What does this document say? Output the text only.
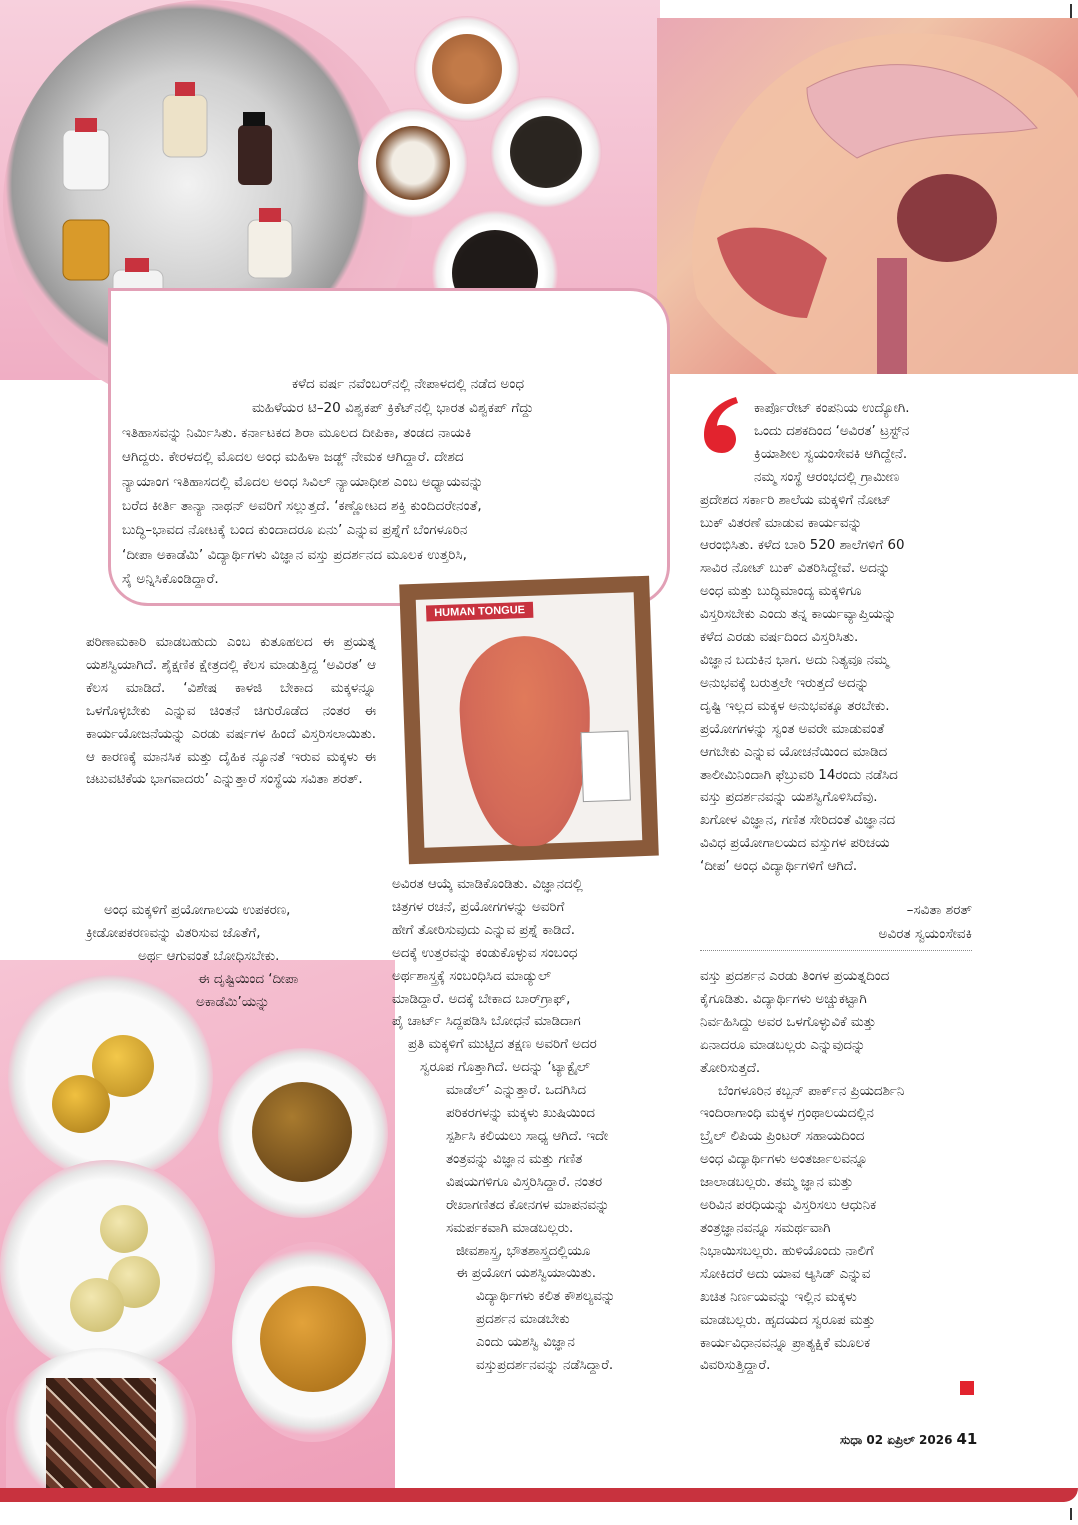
ಕಳೆದ ವರ್ಷ ನವೆಂಬರ್‌ನಲ್ಲಿ ನೇಪಾಳದಲ್ಲಿ ನಡೆದ ಅಂಧ
ಮಹಿಳೆಯರ ಟಿ–20 ವಿಶ್ವಕಪ್ ಕ್ರಿಕೆಟ್‌ನಲ್ಲಿ ಭಾರತ ವಿಶ್ವಕಪ್ ಗೆದ್ದು
ಇತಿಹಾಸವನ್ನು ನಿರ್ಮಿಸಿತು. ಕರ್ನಾಟಕದ ಶಿರಾ ಮೂಲದ ದೀಪಿಕಾ, ತಂಡದ ನಾಯಕಿ
ಆಗಿದ್ದರು. ಕೇರಳದಲ್ಲಿ ಮೊದಲ ಅಂಧ ಮಹಿಳಾ ಜಡ್ಜ್ ನೇಮಕ ಆಗಿದ್ದಾರೆ. ದೇಶದ
ನ್ಯಾಯಾಂಗ ಇತಿಹಾಸದಲ್ಲಿ ಮೊದಲ ಅಂಧ ಸಿವಿಲ್ ನ್ಯಾಯಾಧೀಶ ಎಂಬ ಅಧ್ಯಾಯವನ್ನು
ಬರೆದ ಕೀರ್ತಿ ತಾನ್ಯಾ ನಾಥನ್ ಅವರಿಗೆ ಸಲ್ಲುತ್ತದೆ. ‘ಕಣ್ಣೋಟದ ಶಕ್ತಿ ಕುಂದಿದರೇನಂತೆ,
ಬುದ್ಧಿ–ಭಾವದ ನೋಟಕ್ಕೆ ಬಂದ ಕುಂದಾದರೂ ಏನು’ ಎನ್ನುವ ಪ್ರಶ್ನೆಗೆ ಬೆಂಗಳೂರಿನ
‘ದೀಪಾ ಅಕಾಡೆಮಿ’ ವಿದ್ಯಾರ್ಥಿಗಳು ವಿಜ್ಞಾನ ವಸ್ತು ಪ್ರದರ್ಶನದ ಮೂಲಕ ಉತ್ತರಿಸಿ,
ಸೈ ಅನ್ನಿಸಿಕೊಂಡಿದ್ದಾರೆ.
HUMAN TONGUE

ಪರಿಣಾಮಕಾರಿ ಮಾಡಬಹುದು ಎಂಬ ಕುತೂಹಲದ ಈ ಪ್ರಯತ್ನ ಯಶಸ್ವಿಯಾಗಿದೆ. ಶೈಕ್ಷಣಿಕ ಕ್ಷೇತ್ರದಲ್ಲಿ ಕೆಲಸ ಮಾಡುತ್ತಿದ್ದ ‘ಅವಿರತ’ ಆ ಕೆಲಸ ಮಾಡಿದೆ. ‘ವಿಶೇಷ ಕಾಳಜಿ ಬೇಕಾದ ಮಕ್ಕಳನ್ನೂ ಒಳಗೊಳ್ಳಬೇಕು ಎನ್ನುವ ಚಿಂತನೆ ಚಿಗುರೊಡೆದ ನಂತರ ಈ ಕಾರ್ಯಯೋಜನೆಯನ್ನು ಎರಡು ವರ್ಷಗಳ ಹಿಂದೆ ವಿಸ್ತರಿಸಲಾಯಿತು. ಆ ಕಾರಣಕ್ಕೆ ಮಾನಸಿಕ ಮತ್ತು ದೈಹಿಕ ನ್ಯೂನತೆ ಇರುವ ಮಕ್ಕಳು ಈ ಚಟುವಟಿಕೆಯ ಭಾಗವಾದರು’ ಎನ್ನುತ್ತಾರೆ ಸಂಸ್ಥೆಯ ಸವಿತಾ ಶರತ್.

ಅಂಧ ಮಕ್ಕಳಿಗೆ ಪ್ರಯೋಗಾಲಯ ಉಪಕರಣ,
ಕ್ರೀಡೋಪಕರಣವನ್ನು ವಿತರಿಸುವ ಜೊತೆಗೆ,
ಅರ್ಥ ಆಗುವಂತೆ ಬೋಧಿಸಬೇಕು.
ಈ ದೃಷ್ಟಿಯಿಂದ ‘ದೀಪಾ
ಅಕಾಡೆಮಿ’ಯನ್ನು
ಅವಿರತ ಆಯ್ಕೆ ಮಾಡಿಕೊಂಡಿತು. ವಿಜ್ಞಾನದಲ್ಲಿ
ಚಿತ್ರಗಳ ರಚನೆ, ಪ್ರಯೋಗಗಳನ್ನು ಅವರಿಗೆ
ಹೇಗೆ ತೋರಿಸುವುದು ಎನ್ನುವ ಪ್ರಶ್ನೆ ಕಾಡಿದೆ.
ಅದಕ್ಕೆ ಉತ್ತರವನ್ನು ಕಂಡುಕೊಳ್ಳುವ ಸಂಬಂಧ
ಅರ್ಥಶಾಸ್ತ್ರಕ್ಕೆ ಸಂಬಂಧಿಸಿದ ಮಾಡ್ಯುಲ್
ಮಾಡಿದ್ದಾರೆ. ಅದಕ್ಕೆ ಬೇಕಾದ ಬಾರ್‌ಗ್ರಾಫ್,
ಪೈ ಚಾರ್ಟ್ ಸಿದ್ದಪಡಿಸಿ ಬೋಧನೆ ಮಾಡಿದಾಗ
ಪ್ರತಿ ಮಕ್ಕಳಿಗೆ ಮುಟ್ಟಿದ ತಕ್ಷಣ ಅವರಿಗೆ ಅದರ
ಸ್ವರೂಪ ಗೊತ್ತಾಗಿದೆ. ಅದನ್ನು ‘ಟ್ಯಾಕ್ಟೈಲ್
ಮಾಡೆಲ್’ ಎನ್ನುತ್ತಾರೆ. ಒದಗಿಸಿದ
ಪರಿಕರಗಳನ್ನು ಮಕ್ಕಳು ಖುಷಿಯಿಂದ
ಸ್ಪರ್ಶಿಸಿ ಕಲಿಯಲು ಸಾಧ್ಯ ಆಗಿದೆ. ಇದೇ
ತಂತ್ರವನ್ನು ವಿಜ್ಞಾನ ಮತ್ತು ಗಣಿತ
ವಿಷಯಗಳಿಗೂ ವಿಸ್ತರಿಸಿದ್ದಾರೆ. ನಂತರ
ರೇಖಾಗಣಿತದ ಕೋನಗಳ ಮಾಪನವನ್ನು
ಸಮರ್ಪಕವಾಗಿ ಮಾಡಬಲ್ಲರು.
ಜೀವಶಾಸ್ತ್ರ, ಭೌತಶಾಸ್ತ್ರದಲ್ಲಿಯೂ
ಈ ಪ್ರಯೋಗ ಯಶಸ್ವಿಯಾಯಿತು.
ವಿದ್ಯಾರ್ಥಿಗಳು ಕಲಿತ ಕೌಶಲ್ಯವನ್ನು
ಪ್ರದರ್ಶನ ಮಾಡಬೇಕು
ಎಂದು ಯಶಸ್ವಿ ವಿಜ್ಞಾನ
ವಸ್ತುಪ್ರದರ್ಶನವನ್ನು ನಡೆಸಿದ್ದಾರೆ.
ಕಾರ್ಪೊರೇಟ್ ಕಂಪನಿಯ ಉದ್ಯೋಗಿ.
ಒಂದು ದಶಕದಿಂದ ‘ಅವಿರತ’ ಟ್ರಸ್ಟ್‌ನ
ಕ್ರಿಯಾಶೀಲ ಸ್ವಯಂಸೇವಕಿ ಆಗಿದ್ದೇನೆ.
ನಮ್ಮ ಸಂಸ್ಥೆ ಆರಂಭದಲ್ಲಿ ಗ್ರಾಮೀಣ
ಪ್ರದೇಶದ ಸರ್ಕಾರಿ ಶಾಲೆಯ ಮಕ್ಕಳಿಗೆ ನೋಟ್
ಬುಕ್ ವಿತರಣೆ ಮಾಡುವ ಕಾರ್ಯವನ್ನು
ಆರಂಭಿಸಿತು. ಕಳೆದ ಬಾರಿ 520 ಶಾಲೆಗಳಿಗೆ 60
ಸಾವಿರ ನೋಟ್ ಬುಕ್ ವಿತರಿಸಿದ್ದೇವೆ. ಅದನ್ನು
ಅಂಧ ಮತ್ತು ಬುದ್ಧಿಮಾಂದ್ಯ ಮಕ್ಕಳಿಗೂ
ವಿಸ್ತರಿಸಬೇಕು ಎಂದು ತನ್ನ ಕಾರ್ಯವ್ಯಾಪ್ತಿಯನ್ನು
ಕಳೆದ ಎರಡು ವರ್ಷದಿಂದ ವಿಸ್ತರಿಸಿತು.
ವಿಜ್ಞಾನ ಬದುಕಿನ ಭಾಗ. ಅದು ನಿತ್ಯವೂ ನಮ್ಮ
ಅನುಭವಕ್ಕೆ ಬರುತ್ತಲೇ ಇರುತ್ತದೆ ಅದನ್ನು
ದೃಷ್ಟಿ ಇಲ್ಲದ ಮಕ್ಕಳ ಅನುಭವಕ್ಕೂ ತರಬೇಕು.
ಪ್ರಯೋಗಗಳನ್ನು ಸ್ವಂತ ಅವರೇ ಮಾಡುವಂತೆ
ಆಗಬೇಕು ಎನ್ನುವ ಯೋಚನೆಯಿಂದ ಮಾಡಿದ
ತಾಲೀಮಿನಿಂದಾಗಿ ಫೆಬ್ರುವರಿ 14ರಂದು ನಡೆಸಿದ
ವಸ್ತು ಪ್ರದರ್ಶನವನ್ನು ಯಶಸ್ವಿಗೊಳಿಸಿದೆವು.
ಖಗೋಳ ವಿಜ್ಞಾನ, ಗಣಿತ ಸೇರಿದಂತೆ ವಿಜ್ಞಾನದ
ವಿವಿಧ ಪ್ರಯೋಗಾಲಯದ ವಸ್ತುಗಳ ಪರಿಚಯ
‘ದೀಪ’ ಅಂಧ ವಿದ್ಯಾರ್ಥಿಗಳಿಗೆ ಆಗಿದೆ.
–ಸವಿತಾ ಶರತ್
ಅವಿರತ ಸ್ವಯಂಸೇವಕಿ
ವಸ್ತು ಪ್ರದರ್ಶನ ಎರಡು ತಿಂಗಳ ಪ್ರಯತ್ನದಿಂದ
ಕೈಗೂಡಿತು. ವಿದ್ಯಾರ್ಥಿಗಳು ಅಚ್ಚುಕಟ್ಟಾಗಿ
ನಿರ್ವಹಿಸಿದ್ದು ಅವರ ಒಳಗೊಳ್ಳುವಿಕೆ ಮತ್ತು
ಏನಾದರೂ ಮಾಡಬಲ್ಲರು ಎನ್ನುವುದನ್ನು
ತೋರಿಸುತ್ತದೆ.
ಬೆಂಗಳೂರಿನ ಕಬ್ಬನ್ ಪಾರ್ಕ್‌ನ ಪ್ರಿಯದರ್ಶಿನಿ
ಇಂದಿರಾಗಾಂಧಿ ಮಕ್ಕಳ ಗ್ರಂಥಾಲಯದಲ್ಲಿನ
ಬ್ರೈಲ್ ಲಿಪಿಯ ಪ್ರಿಂಟರ್ ಸಹಾಯದಿಂದ
ಅಂಧ ವಿದ್ಯಾರ್ಥಿಗಳು ಅಂತರ್ಜಾಲವನ್ನೂ
ಜಾಲಾಡಬಲ್ಲರು. ತಮ್ಮ ಜ್ಞಾನ ಮತ್ತು
ಅರಿವಿನ ಪರಧಿಯನ್ನು ವಿಸ್ತರಿಸಲು ಆಧುನಿಕ
ತಂತ್ರಜ್ಞಾನವನ್ನೂ ಸಮರ್ಥವಾಗಿ
ನಿಭಾಯಿಸಬಲ್ಲರು. ಹುಳಿಯೊಂದು ನಾಲಿಗೆ
ಸೋಕಿದರೆ ಅದು ಯಾವ ಆ್ಯಸಿಡ್ ಎನ್ನುವ
ಖಚಿತ ನಿರ್ಣಯವನ್ನು ಇಲ್ಲಿನ ಮಕ್ಕಳು
ಮಾಡಬಲ್ಲರು. ಹೃದಯದ ಸ್ವರೂಪ ಮತ್ತು
ಕಾರ್ಯವಿಧಾನವನ್ನೂ ಪ್ರಾತ್ಯಕ್ಷಿಕೆ ಮೂಲಕ
ವಿವರಿಸುತ್ತಿದ್ದಾರೆ.
ಸುಧಾ 02 ಏಪ್ರಿಲ್ 2026 41
